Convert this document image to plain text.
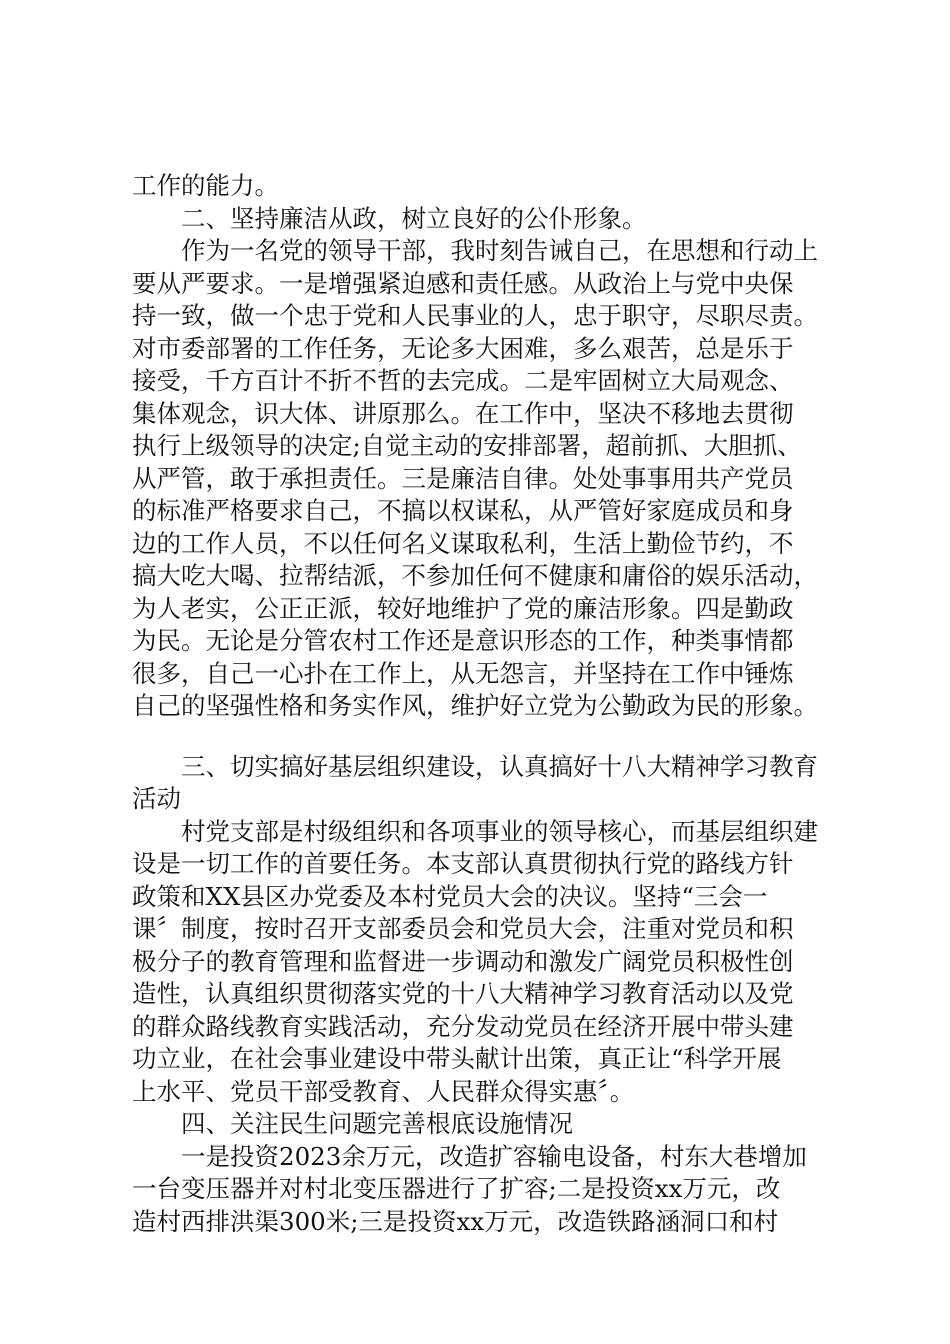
工作的能力。
二、坚持廉洁从政，树立良好的公仆形象。
作为一名党的领导干部，我时刻告诫自己，在思想和行动上
要从严要求。一是增强紧迫感和责任感。从政治上与党中央保
持一致，做一个忠于党和人民事业的人，忠于职守，尽职尽责。
对市委部署的工作任务，无论多大困难，多么艰苦，总是乐于
接受，千方百计不折不哲的去完成。二是牢固树立大局观念、
集体观念，识大体、讲原那么。在工作中，坚决不移地去贯彻
执行上级领导的决定;自觉主动的安排部署，超前抓、大胆抓、
从严管，敢于承担责任。三是廉洁自律。处处事事用共产党员
的标准严格要求自己，不搞以权谋私，从严管好家庭成员和身
边的工作人员，不以任何名义谋取私利，生活上勤俭节约，不
搞大吃大喝、拉帮结派，不参加任何不健康和庸俗的娱乐活动，
为人老实，公正正派，较好地维护了党的廉洁形象。四是勤政
为民。无论是分管农村工作还是意识形态的工作，种类事情都
很多，自己一心扑在工作上，从无怨言，并坚持在工作中锤炼
自己的坚强性格和务实作风，维护好立党为公勤政为民的形象。
三、切实搞好基层组织建设，认真搞好十八大精神学习教育
活动
村党支部是村级组织和各项事业的领导核心，而基层组织建
设是一切工作的首要任务。本支部认真贯彻执行党的路线方针
政策和XX县区办党委及本村党员大会的决议。坚持“三会一
课〞制度，按时召开支部委员会和党员大会，注重对党员和积
极分子的教育管理和监督进一步调动和激发广阔党员积极性创
造性，认真组织贯彻落实党的十八大精神学习教育活动以及党
的群众路线教育实践活动，充分发动党员在经济开展中带头建
功立业，在社会事业建设中带头献计出策，真正让“科学开展
上水平、党员干部受教育、人民群众得实惠〞。
四、关注民生问题完善根底设施情况
一是投资2023余万元，改造扩容输电设备，村东大巷增加
一台变压器并对村北变压器进行了扩容;二是投资xx万元，改
造村西排洪渠300米;三是投资xx万元，改造铁路涵洞口和村
